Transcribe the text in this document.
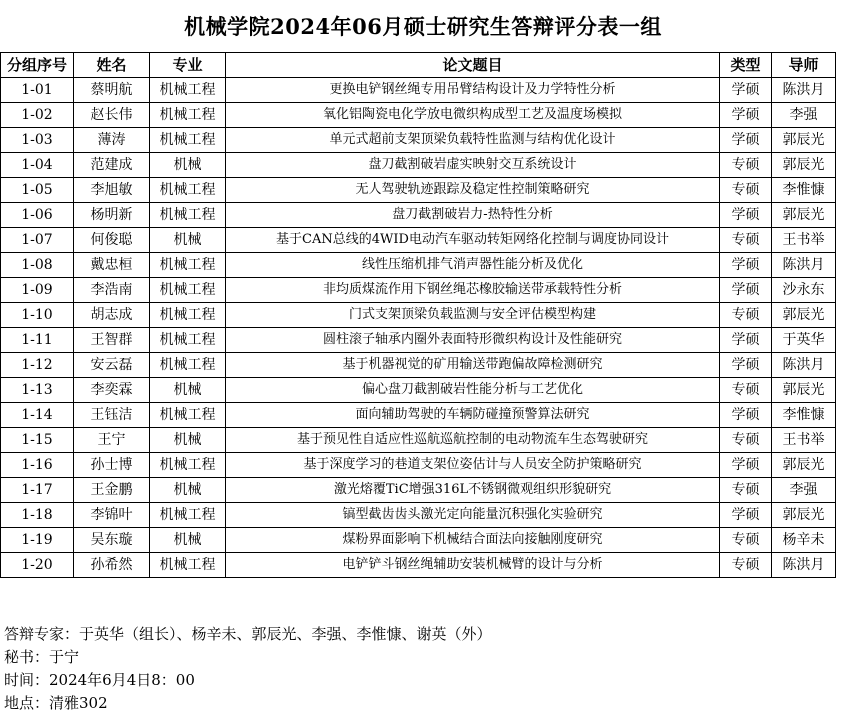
机械学院2024年06月硕士研究生答辩评分表一组
分组序号	姓名	专业	论文题目	类型	导师
1-01	蔡明航	机械工程	更换电铲钢丝绳专用吊臂结构设计及力学特性分析	学硕	陈洪月
1-02	赵长伟	机械工程	氧化铝陶瓷电化学放电微织构成型工艺及温度场模拟	学硕	李强
1-03	薄涛	机械工程	单元式超前支架顶梁负载特性监测与结构优化设计	学硕	郭辰光
1-04	范建成	机械	盘刀截割破岩虚实映射交互系统设计	专硕	郭辰光
1-05	李旭敏	机械工程	无人驾驶轨迹跟踪及稳定性控制策略研究	专硕	李惟慷
1-06	杨明新	机械工程	盘刀截割破岩力-热特性分析	学硕	郭辰光
1-07	何俊聪	机械	基于CAN总线的4WID电动汽车驱动转矩网络化控制与调度协同设计	专硕	王书举
1-08	戴忠桓	机械工程	线性压缩机排气消声器性能分析及优化	学硕	陈洪月
1-09	李浩南	机械工程	非均质煤流作用下钢丝绳芯橡胶输送带承载特性分析	学硕	沙永东
1-10	胡志成	机械工程	门式支架顶梁负载监测与安全评估模型构建	专硕	郭辰光
1-11	王智群	机械工程	圆柱滚子轴承内圈外表面特形微织构设计及性能研究	学硕	于英华
1-12	安云磊	机械工程	基于机器视觉的矿用输送带跑偏故障检测研究	学硕	陈洪月
1-13	李奕霖	机械	偏心盘刀截割破岩性能分析与工艺优化	专硕	郭辰光
1-14	王钰洁	机械工程	面向辅助驾驶的车辆防碰撞预警算法研究	学硕	李惟慷
1-15	王宁	机械	基于预见性自适应性巡航巡航控制的电动物流车生态驾驶研究	专硕	王书举
1-16	孙士博	机械工程	基于深度学习的巷道支架位姿估计与人员安全防护策略研究	学硕	郭辰光
1-17	王金鹏	机械	激光熔覆TiC增强316L不锈钢微观组织形貌研究	专硕	李强
1-18	李锦叶	机械工程	镐型截齿齿头激光定向能量沉积强化实验研究	学硕	郭辰光
1-19	吴东璇	机械	煤粉界面影响下机械结合面法向接触刚度研究	专硕	杨辛未
1-20	孙希然	机械工程	电铲铲斗钢丝绳辅助安装机械臂的设计与分析	专硕	陈洪月
答辩专家：于英华（组长）、杨辛未、郭辰光、李强、李惟慷、谢英（外）
秘书：于宁
时间：2024年6月4日8：00
地点：清雅302
